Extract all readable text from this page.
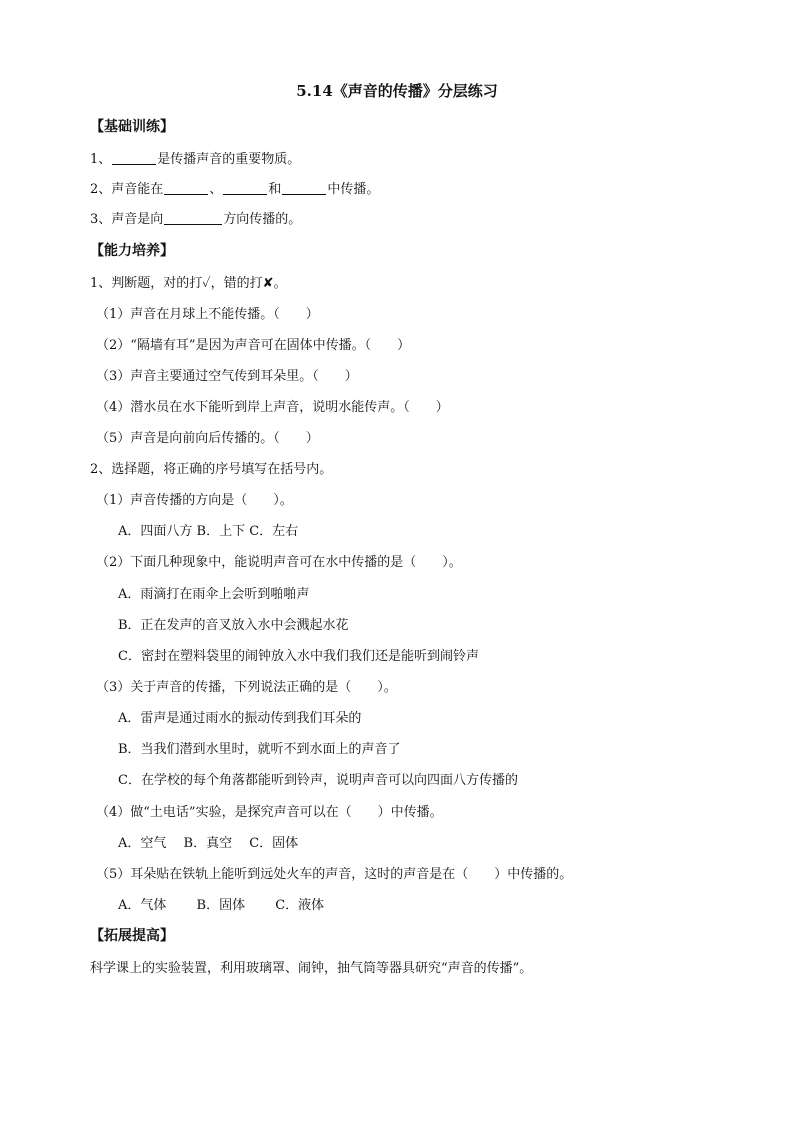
5.14《声音的传播》分层练习
【基础训练】
1、	是传播声音的重要物质。
2、声音能在	、	和	中传播。
3、声音是向	方向传播的。
【能力培养】
1、判断题，对的打✓，错的打✘。
（1）声音在月球上不能传播。（　　）
（2）“隔墙有耳”是因为声音可在固体中传播。（　　）
（3）声音主要通过空气传到耳朵里。（　　）
（4）潜水员在水下能听到岸上声音，说明水能传声。（　　）
（5）声音是向前向后传播的。（　　）
2、选择题，将正确的序号填写在括号内。
（1）声音传播的方向是（　　）。
A．四面八方 B．上下 C．左右
（2）下面几种现象中，能说明声音可在水中传播的是（　　）。
A．雨滴打在雨伞上会听到啪啪声
B．正在发声的音叉放入水中会溅起水花
C．密封在塑料袋里的闹钟放入水中我们我们还是能听到闹铃声
（3）关于声音的传播，下列说法正确的是（　　）。
A．雷声是通过雨水的振动传到我们耳朵的
B．当我们潜到水里时，就听不到水面上的声音了
C．在学校的每个角落都能听到铃声，说明声音可以向四面八方传播的
（4）做“土电话”实验，是探究声音可以在（　　）中传播。
A．空气　 B．真空　 C．固体
（5）耳朵贴在铁轨上能听到远处火车的声音，这时的声音是在（　　）中传播的。
A．气体　　 B．固体　　 C．液体
【拓展提高】
科学课上的实验装置，利用玻璃罩、闹钟，抽气筒等器具研究“声音的传播”。
